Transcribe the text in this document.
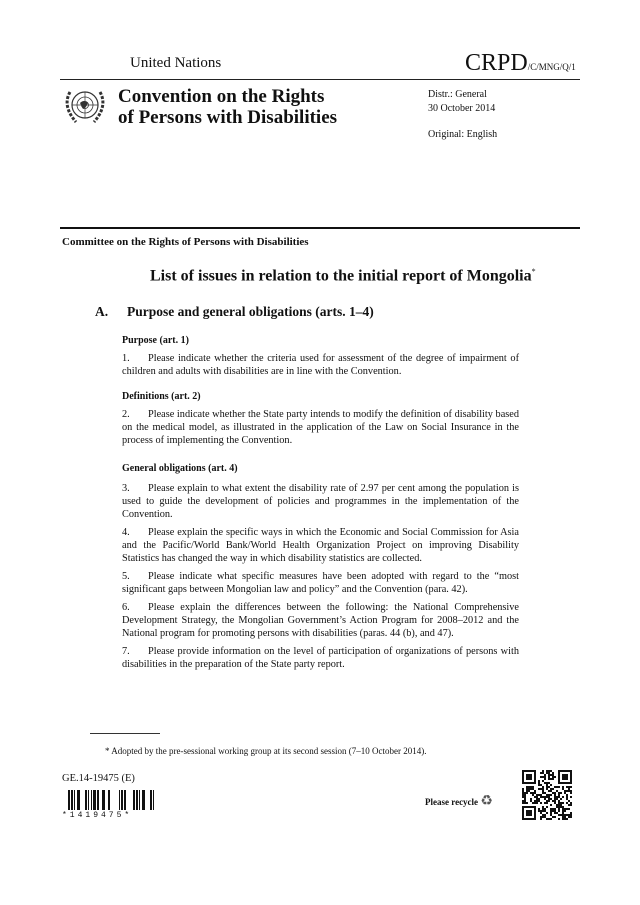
United Nations	CRPD/C/MNG/Q/1
Convention on the Rights
of Persons with Disabilities
Distr.: General
30 October 2014
Original: English
Committee on the Rights of Persons with Disabilities
List of issues in relation to the initial report of Mongolia*
A. Purpose and general obligations (arts. 1–4)
Purpose (art. 1)
1. Please indicate whether the criteria used for assessment of the degree of impairment of children and adults with disabilities are in line with the Convention.
Definitions (art. 2)
2. Please indicate whether the State party intends to modify the definition of disability based on the medical model, as illustrated in the application of the Law on Social Insurance in the process of implementing the Convention.
General obligations (art. 4)
3. Please explain to what extent the disability rate of 2.97 per cent among the population is used to guide the development of policies and programmes in the implementation of the Convention.
4. Please explain the specific ways in which the Economic and Social Commission for Asia and the Pacific/World Bank/World Health Organization Project on improving Disability Statistics has changed the way in which disability statistics are collected.
5. Please indicate what specific measures have been adopted with regard to the “most significant gaps between Mongolian law and policy” and the Convention (para. 42).
6. Please explain the differences between the following: the National Comprehensive Development Strategy, the Mongolian Government’s Action Program for 2008–2012 and the National program for promoting persons with disabilities (paras. 44 (b), and 47).
7. Please provide information on the level of participation of organizations of persons with disabilities in the preparation of the State party report.
* Adopted by the pre-sessional working group at its second session (7–10 October 2014).
GE.14-19475 (E)
*1419475*
Please recycle ♻
